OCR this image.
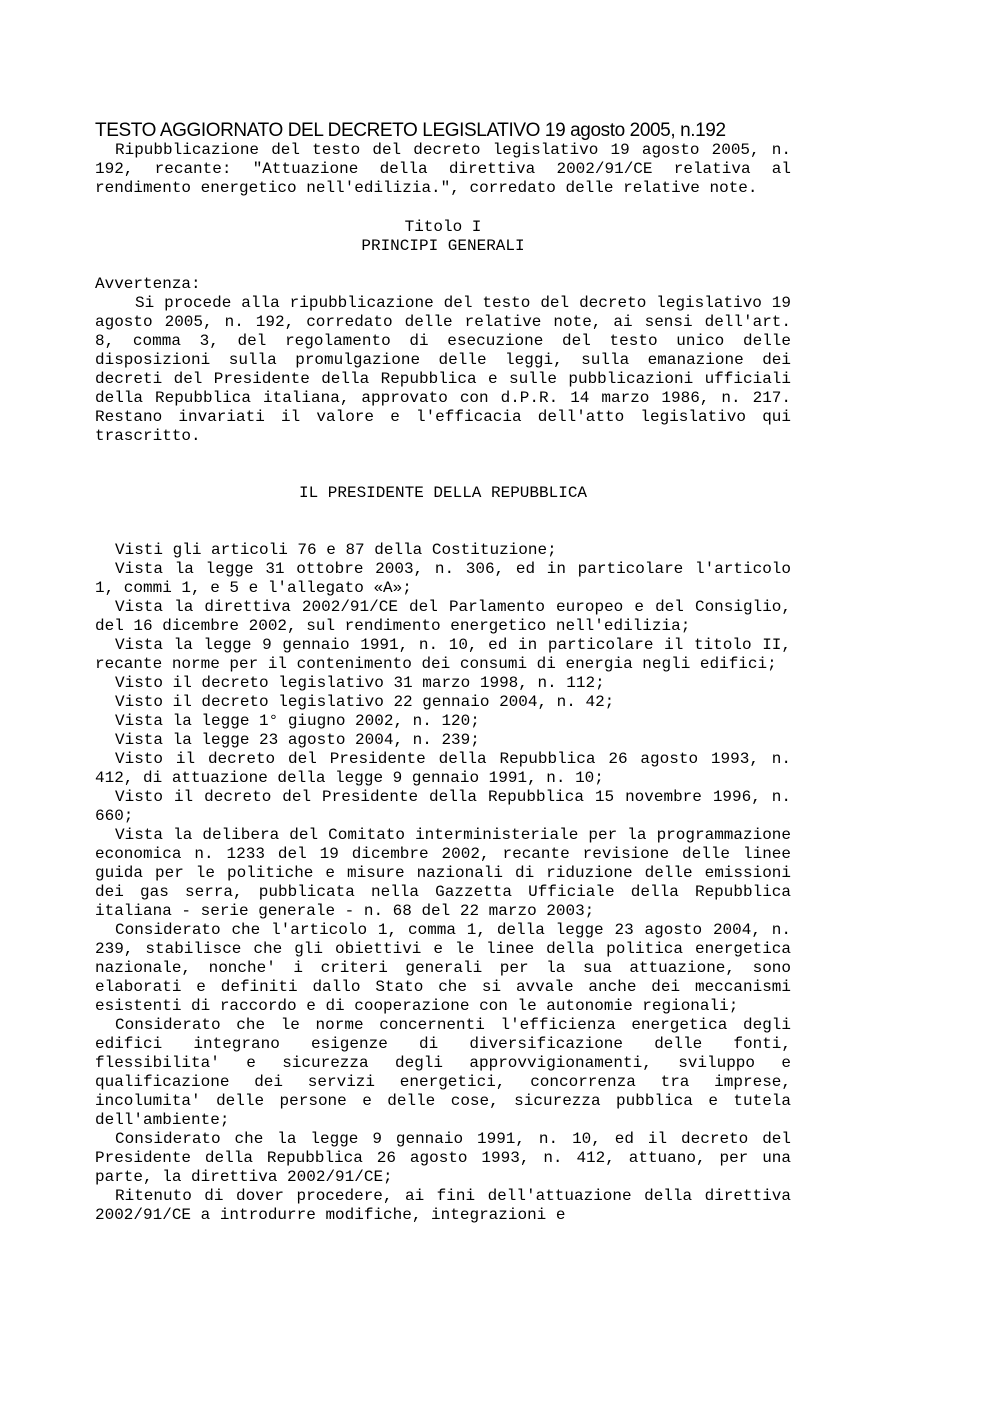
TESTO AGGIORNATO DEL DECRETO LEGISLATIVO 19 agosto 2005, n.192

Ripubblicazione del testo del decreto legislativo 19 agosto 2005, n. 192, recante: "Attuazione della direttiva 2002/91/CE relativa al rendimento energetico nell'edilizia.", corredato delle relative note.

Titolo I

PRINCIPI GENERALI

Avvertenza:

Si procede alla ripubblicazione del testo del decreto legislativo 19 agosto 2005, n. 192, corredato delle relative note, ai sensi dell'art. 8, comma 3, del regolamento di esecuzione del testo unico delle disposizioni sulla promulgazione delle leggi, sulla emanazione dei decreti del Presidente della Repubblica e sulle pubblicazioni ufficiali della Repubblica italiana, approvato con d.P.R. 14 marzo 1986, n. 217. Restano invariati il valore e l'efficacia dell'atto legislativo qui trascritto.

IL PRESIDENTE DELLA REPUBBLICA

Visti gli articoli 76 e 87 della Costituzione;

Vista la legge 31 ottobre 2003, n. 306, ed in particolare l'articolo 1, commi 1, e 5 e l'allegato «A»;

Vista la direttiva 2002/91/CE del Parlamento europeo e del Consiglio, del 16 dicembre 2002, sul rendimento energetico nell'edilizia;

Vista la legge 9 gennaio 1991, n. 10, ed in particolare il titolo II, recante norme per il contenimento dei consumi di energia negli edifici;

Visto il decreto legislativo 31 marzo 1998, n. 112;

Visto il decreto legislativo 22 gennaio 2004, n. 42;

Vista la legge 1° giugno 2002, n. 120;

Vista la legge 23 agosto 2004, n. 239;

Visto il decreto del Presidente della Repubblica 26 agosto 1993, n. 412, di attuazione della legge 9 gennaio 1991, n. 10;

Visto il decreto del Presidente della Repubblica 15 novembre 1996, n. 660;

Vista la delibera del Comitato interministeriale per la programmazione economica n. 1233 del 19 dicembre 2002, recante revisione delle linee guida per le politiche e misure nazionali di riduzione delle emissioni dei gas serra, pubblicata nella Gazzetta Ufficiale della Repubblica italiana - serie generale - n. 68 del 22 marzo 2003;

Considerato che l'articolo 1, comma 1, della legge 23 agosto 2004, n. 239, stabilisce che gli obiettivi e le linee della politica energetica nazionale, nonche' i criteri generali per la sua attuazione, sono elaborati e definiti dallo Stato che si avvale anche dei meccanismi esistenti di raccordo e di cooperazione con le autonomie regionali;

Considerato che le norme concernenti l'efficienza energetica degli edifici integrano esigenze di diversificazione delle fonti, flessibilita' e sicurezza degli approvvigionamenti, sviluppo e qualificazione dei servizi energetici, concorrenza tra imprese, incolumita' delle persone e delle cose, sicurezza pubblica e tutela dell'ambiente;

Considerato che la legge 9 gennaio 1991, n. 10, ed il decreto del Presidente della Repubblica 26 agosto 1993, n. 412, attuano, per una parte, la direttiva 2002/91/CE;

Ritenuto di dover procedere, ai fini dell'attuazione della direttiva 2002/91/CE a introdurre modifiche, integrazioni e
